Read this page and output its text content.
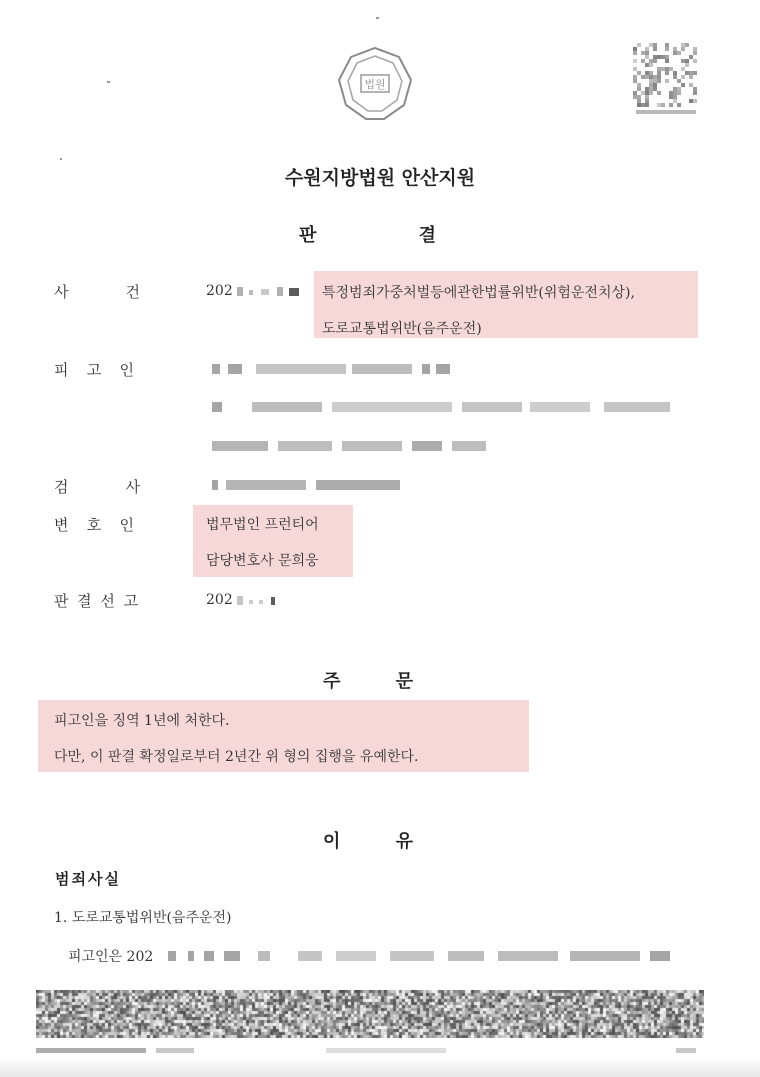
법원
수원지방법원 안산지원
판	결
사	건	202	특정범죄가중처벌등에관한법률위반(위험운전치상),
도로교통법위반(음주운전)
피 고 인
검	사
변 호 인	법무법인 프런티어
담당변호사 문희웅
판 결 선 고	202
주	문
피고인을 징역 1년에 처한다.
다만, 이 판결 확정일로부터 2년간 위 형의 집행을 유예한다.
이	유
범죄사실
1. 도로교통법위반(음주운전)
피고인은 202
